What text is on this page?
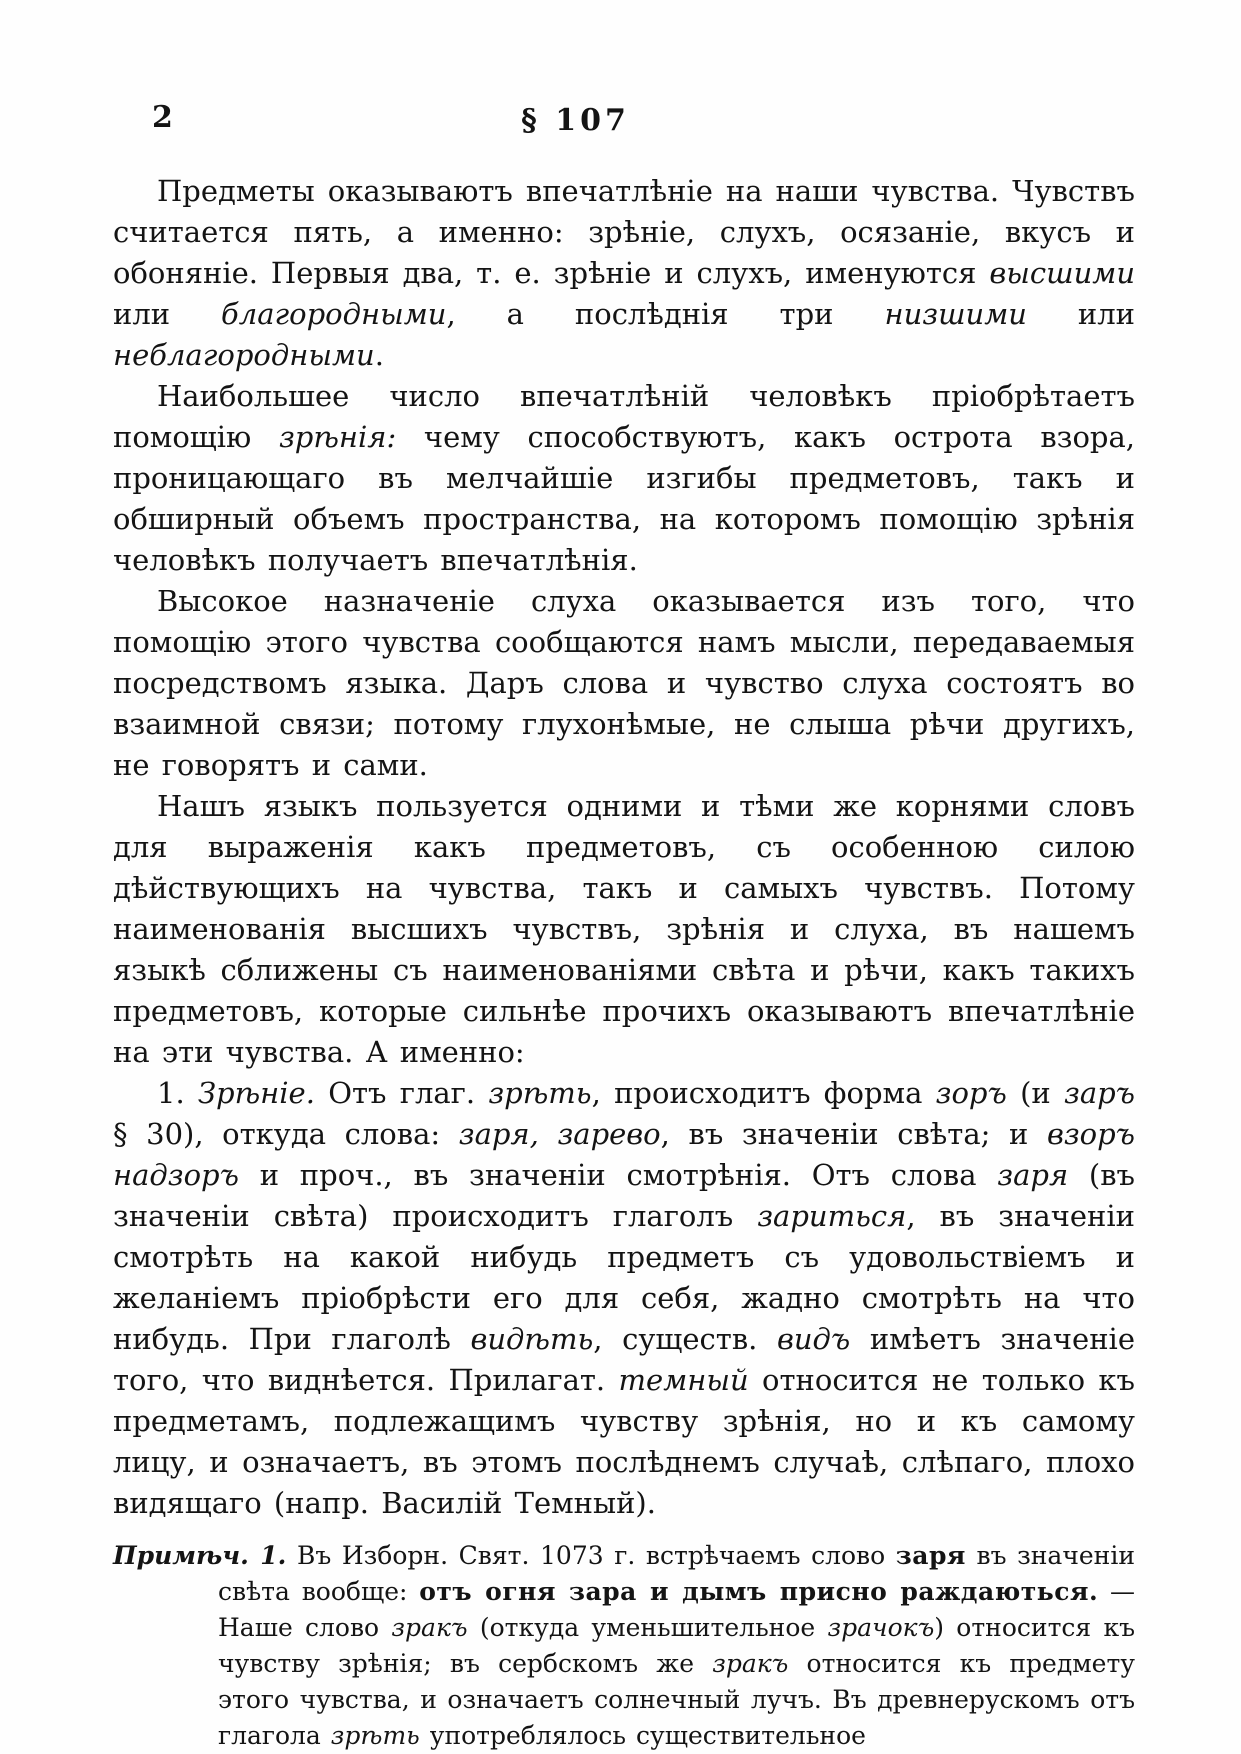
2	§ 107

Предметы оказываютъ впечатлѣніе на наши чувства. Чувствъ считается пять, а именно: зрѣніе, слухъ, осязаніе, вкусъ и обоняніе. Первыя два, т. е. зрѣніе и слухъ, именуются высшими или благородными, а послѣднія три низшими или неблагородными.

Наибольшее число впечатлѣній человѣкъ пріобрѣтаетъ помощію зрѣнія: чему способствуютъ, какъ острота взора, проницающаго въ мелчайшіе изгибы предметовъ, такъ и обширный объемъ пространства, на которомъ помощію зрѣнія человѣкъ получаетъ впечатлѣнія.

Высокое назначеніе слуха оказывается изъ того, что помощію этого чувства сообщаются намъ мысли, передаваемыя посредствомъ языка. Даръ слова и чувство слуха состоятъ во взаимной связи; потому глухонѣмые, не слыша рѣчи другихъ, не говорятъ и сами.

Нашъ языкъ пользуется одними и тѣми же корнями словъ для выраженія какъ предметовъ, съ особенною силою дѣйствующихъ на чувства, такъ и самыхъ чувствъ. Потому наименованія высшихъ чувствъ, зрѣнія и слуха, въ нашемъ языкѣ сближены съ наименованіями свѣта и рѣчи, какъ такихъ предметовъ, которые сильнѣе прочихъ оказываютъ впечатлѣніе на эти чувства. А именно:

1. Зрѣніе. Отъ глаг. зрѣть, происходитъ форма зоръ (и заръ § 30), откуда слова: заря, зарево, въ значеніи свѣта; и взоръ надзоръ и проч., въ значеніи смотрѣнія. Отъ слова заря (въ значеніи свѣта) происходитъ глаголъ зариться, въ значеніи смотрѣть на какой нибудь предметъ съ удовольствіемъ и желаніемъ пріобрѣсти его для себя, жадно смотрѣть на что нибудь. При глаголѣ видѣть, существ. видъ имѣетъ значеніе того, что виднѣется. Прилагат. темный относится не только къ предметамъ, подлежащимъ чувству зрѣнія, но и къ самому лицу, и означаетъ, въ этомъ послѣднемъ случаѣ, слѣпаго, плохо видящаго (напр. Василій Темный).

Примѣч. 1. Въ Изборн. Свят. 1073 г. встрѣчаемъ слово заря въ значеніи свѣта вообще: отъ огня зара и дымъ присно раждаються. —Наше слово зракъ (откуда уменьшительное зрачокъ) относится къ чувству зрѣнія; въ сербскомъ же зракъ относится къ предмету этого чувства, и означаетъ солнечный лучъ. Въ древнерускомъ отъ глагола зрѣть употреблялось существительное
